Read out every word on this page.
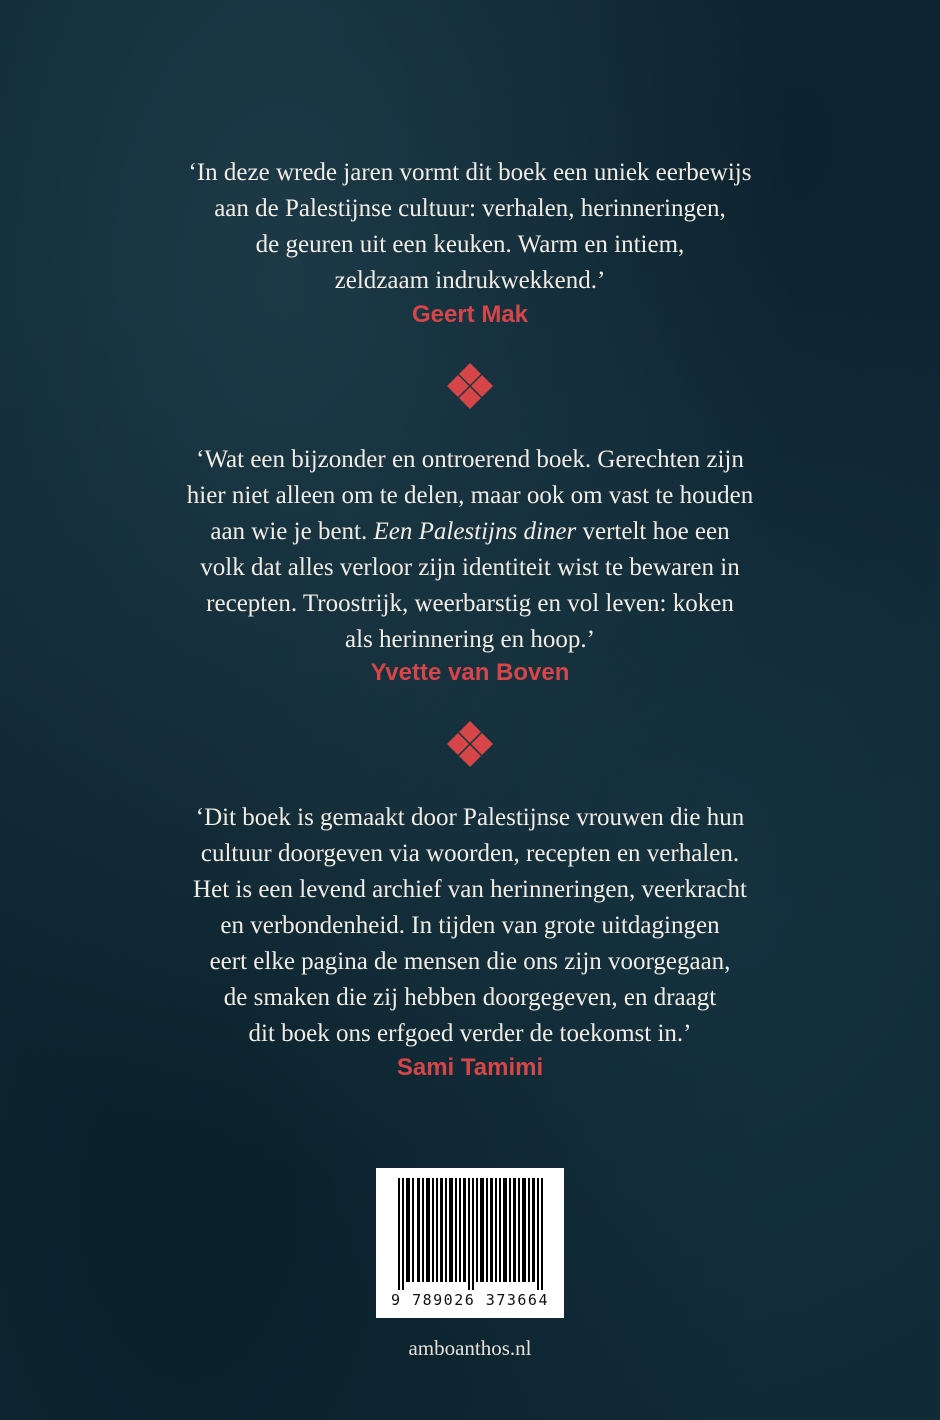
‘In deze wrede jaren vormt dit boek een uniek eerbewijs
aan de Palestijnse cultuur: verhalen, herinneringen,
de geuren uit een keuken. Warm en intiem,
zeldzaam indrukwekkend.’
Geert Mak
‘Wat een bijzonder en ontroerend boek. Gerechten zijn
hier niet alleen om te delen, maar ook om vast te houden
aan wie je bent. Een Palestijns diner vertelt hoe een
volk dat alles verloor zijn identiteit wist te bewaren in
recepten. Troostrijk, weerbarstig en vol leven: koken
als herinnering en hoop.’
Yvette van Boven
‘Dit boek is gemaakt door Palestijnse vrouwen die hun
cultuur doorgeven via woorden, recepten en verhalen.
Het is een levend archief van herinneringen, veerkracht
en verbondenheid. In tijden van grote uitdagingen
eert elke pagina de mensen die ons zijn voorgegaan,
de smaken die zij hebben doorgegeven, en draagt
dit boek ons erfgoed verder de toekomst in.’
Sami Tamimi
9 789026 373664
amboanthos.nl
